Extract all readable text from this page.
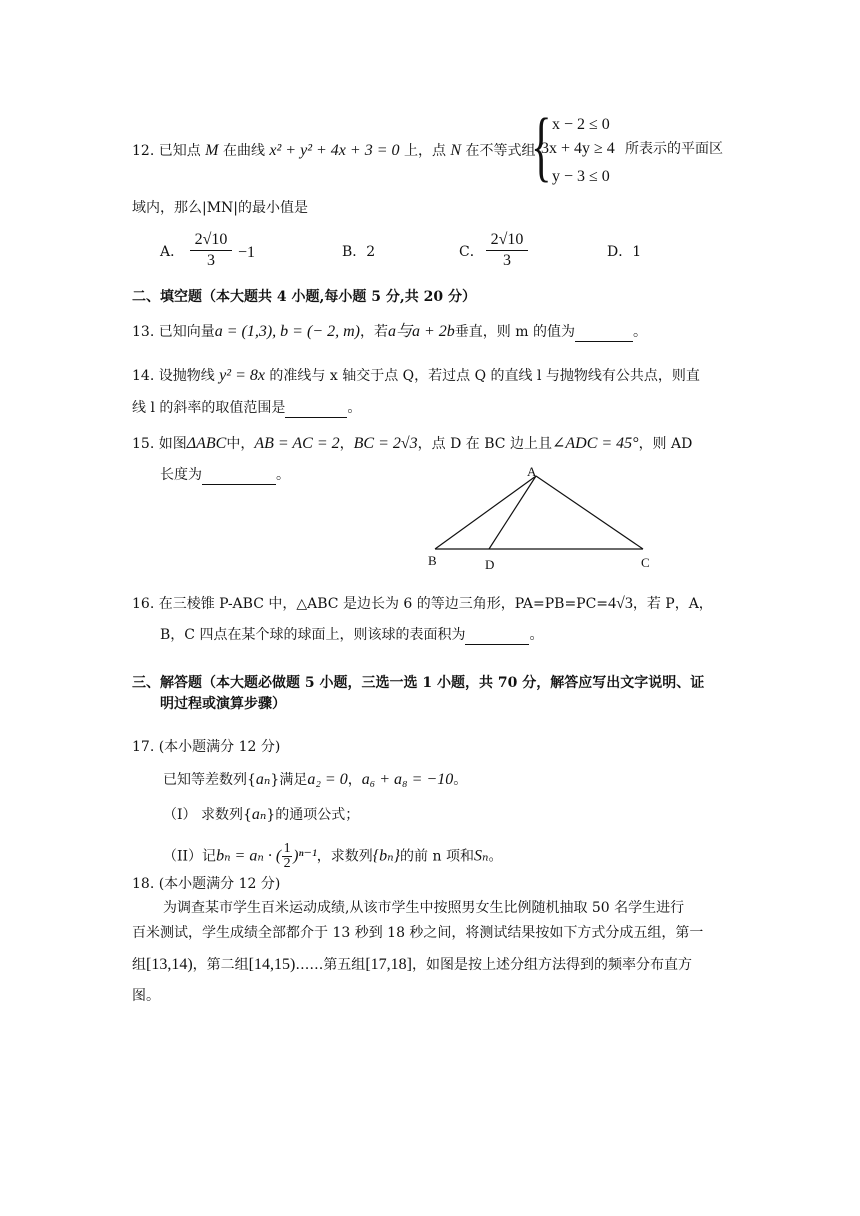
{ x − 2 ≤ 0
3x + 4y ≥ 4
y − 3 ≤ 0
12. 已知点 M 在曲线 x² + y² + 4x + 3 = 0 上，点 N 在不等式组	所表示的平面区
域内，那么|MN|的最小值是
A．
2√10
3	−1	B．2	C．
2√10
3	D．1
二、填空题（本大题共 4 小题,每小题 5 分,共 20 分）
13. 已知向量a = (1,3), b = (− 2, m)，若a与a + 2b垂直，则 m 的值为	。
14. 设抛物线 y² = 8x 的准线与 x 轴交于点 Q，若过点 Q 的直线 l 与抛物线有公共点，则直
线 l 的斜率的取值范围是	。
15. 如图ΔABC中，AB = AC = 2，BC = 2√3，点 D 在 BC 边上且∠ADC = 45°，则 AD
长度为	。	A
B	C
D
16. 在三棱锥 P-ABC 中，△ABC 是边长为 6 的等边三角形，PA=PB=PC=4√3，若 P，A，
B，C 四点在某个球的球面上，则该球的表面积为	。
三、解答题（本大题必做题 5 小题，三选一选 1 小题，共 70 分，解答应写出文字说明、证
明过程或演算步骤）
17. (本小题满分 12 分)
已知等差数列{aₙ}满足a₂ = 0，a₆ + a₈ = −10。
（I） 求数列{aₙ}的通项公式；
（II）记bₙ = aₙ · ( $\frac{1}{2} )^{n-1}$，求数列{bₙ}的前 n 项和Sₙ。
18. (本小题满分 12 分)
为调查某市学生百米运动成绩,从该市学生中按照男女生比例随机抽取 50 名学生进行
百米测试，学生成绩全部都介于 13 秒到 18 秒之间，将测试结果按如下方式分成五组，第一
组[13,14)，第二组[14,15)……第五组[17,18]，如图是按上述分组方法得到的频率分布直方
图。
